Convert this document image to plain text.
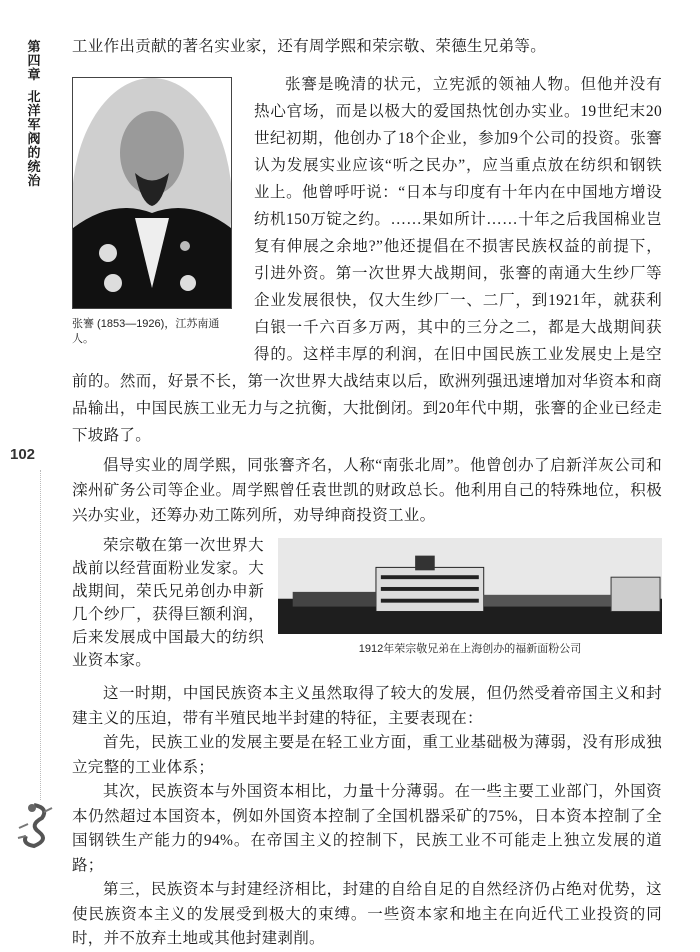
第四章
北洋军阀的统治
102

工业作出贡献的著名实业家，还有周学熙和荣宗敬、荣德生兄弟等。

张謇 (1853—1926)，江苏南通人。

张謇是晚清的状元，立宪派的领袖人物。但他并没有热心官场，而是以极大的爱国热忱创办实业。19世纪末20世纪初期，他创办了18个企业，参加9个公司的投资。张謇认为发展实业应该“听之民办”，应当重点放在纺织和钢铁业上。他曾呼吁说：“日本与印度有十年内在中国地方增设纺机150万锭之约。……果如所计……十年之后我国棉业岂复有伸展之余地?”他还提倡在不损害民族权益的前提下，引进外资。第一次世界大战期间，张謇的南通大生纱厂等企业发展很快，仅大生纱厂一、二厂，到1921年，就获利白银一千六百多万两，其中的三分之二，都是大战期间获得的。这样丰厚的利润，在旧中国民族工业发展史上是空前的。然而，好景不长，第一次世界大战结束以后，欧洲列强迅速增加对华资本和商品输出，中国民族工业无力与之抗衡，大批倒闭。到20年代中期，张謇的企业已经走下坡路了。

倡导实业的周学熙，同张謇齐名，人称“南张北周”。他曾创办了启新洋灰公司和滦州矿务公司等企业。周学熙曾任袁世凯的财政总长。他利用自己的特殊地位，积极兴办实业，还筹办劝工陈列所，劝导绅商投资工业。

1912年荣宗敬兄弟在上海创办的福新面粉公司

荣宗敬在第一次世界大战前以经营面粉业发家。大战期间，荣氏兄弟创办申新几个纱厂，获得巨额利润，后来发展成中国最大的纺织业资本家。

这一时期，中国民族资本主义虽然取得了较大的发展，但仍然受着帝国主义和封建主义的压迫，带有半殖民地半封建的特征，主要表现在：

首先，民族工业的发展主要是在轻工业方面，重工业基础极为薄弱，没有形成独立完整的工业体系；

其次，民族资本与外国资本相比，力量十分薄弱。在一些主要工业部门，外国资本仍然超过本国资本，例如外国资本控制了全国机器采矿的75%，日本资本控制了全国钢铁生产能力的94%。在帝国主义的控制下，民族工业不可能走上独立发展的道路；

第三，民族资本与封建经济相比，封建的自给自足的自然经济仍占绝对优势，这使民族资本主义的发展受到极大的束缚。一些资本家和地主在向近代工业投资的同时，并不放弃土地或其他封建剥削。
